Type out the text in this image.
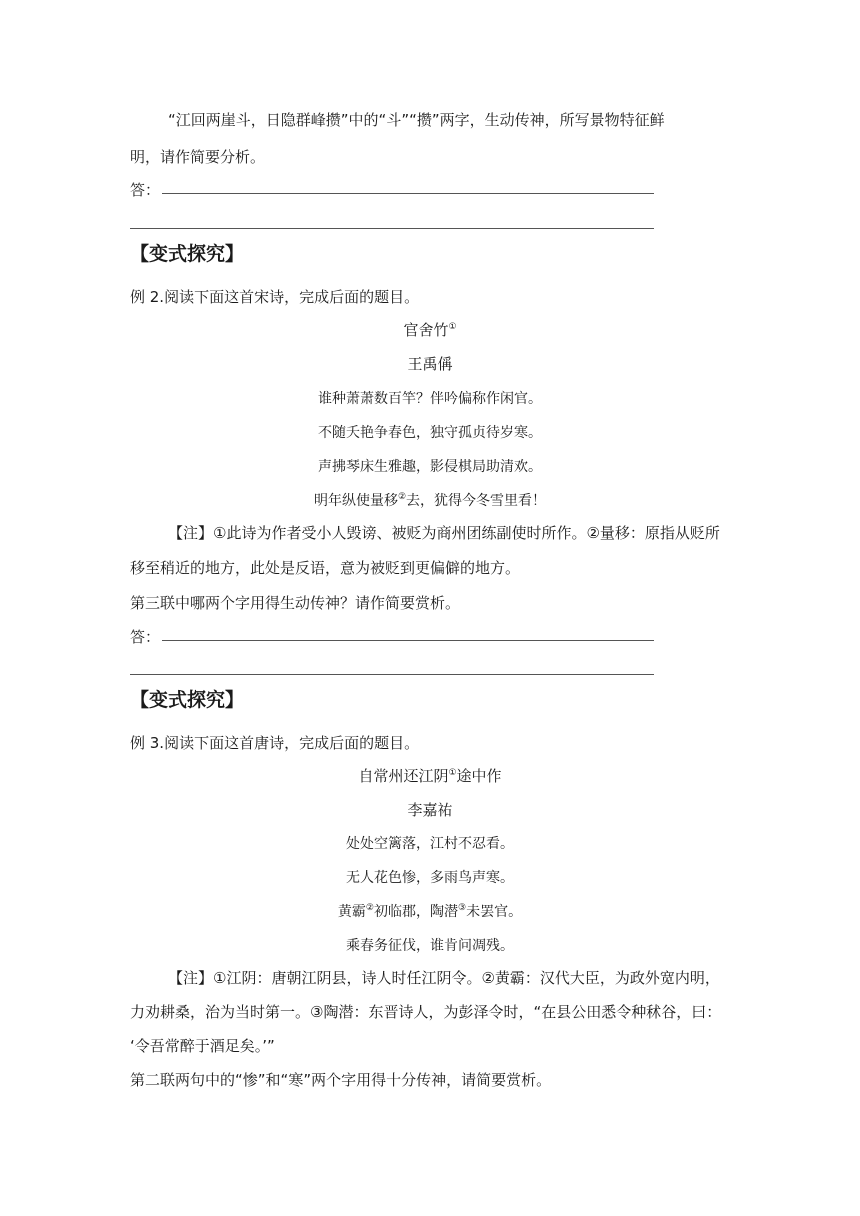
“江回两崖斗，日隐群峰攒”中的“斗”“攒”两字，生动传神，所写景物特征鲜
明，请作简要分析。
答：
【变式探究】
例 2.阅读下面这首宋诗，完成后面的题目。
官舍竹①
王禹偁
谁种萧萧数百竿？伴吟偏称作闲官。
不随夭艳争春色，独守孤贞待岁寒。
声拂琴床生雅趣，影侵棋局助清欢。
明年纵使量移②去，犹得今冬雪里看！
【注】①此诗为作者受小人毁谤、被贬为商州团练副使时所作。②量移：原指从贬所
移至稍近的地方，此处是反语，意为被贬到更偏僻的地方。
第三联中哪两个字用得生动传神？请作简要赏析。
答：
【变式探究】
例 3.阅读下面这首唐诗，完成后面的题目。
自常州还江阴①途中作
李嘉祐
处处空篱落，江村不忍看。
无人花色惨，多雨鸟声寒。
黄霸②初临郡，陶潜③未罢官。
乘春务征伐，谁肯问凋残。
【注】①江阴：唐朝江阴县，诗人时任江阴令。②黄霸：汉代大臣，为政外宽内明，
力劝耕桑，治为当时第一。③陶潜：东晋诗人，为彭泽令时，“在县公田悉令种秫谷，曰：
‘令吾常醉于酒足矣。’”
第二联两句中的“惨”和“寒”两个字用得十分传神，请简要赏析。
